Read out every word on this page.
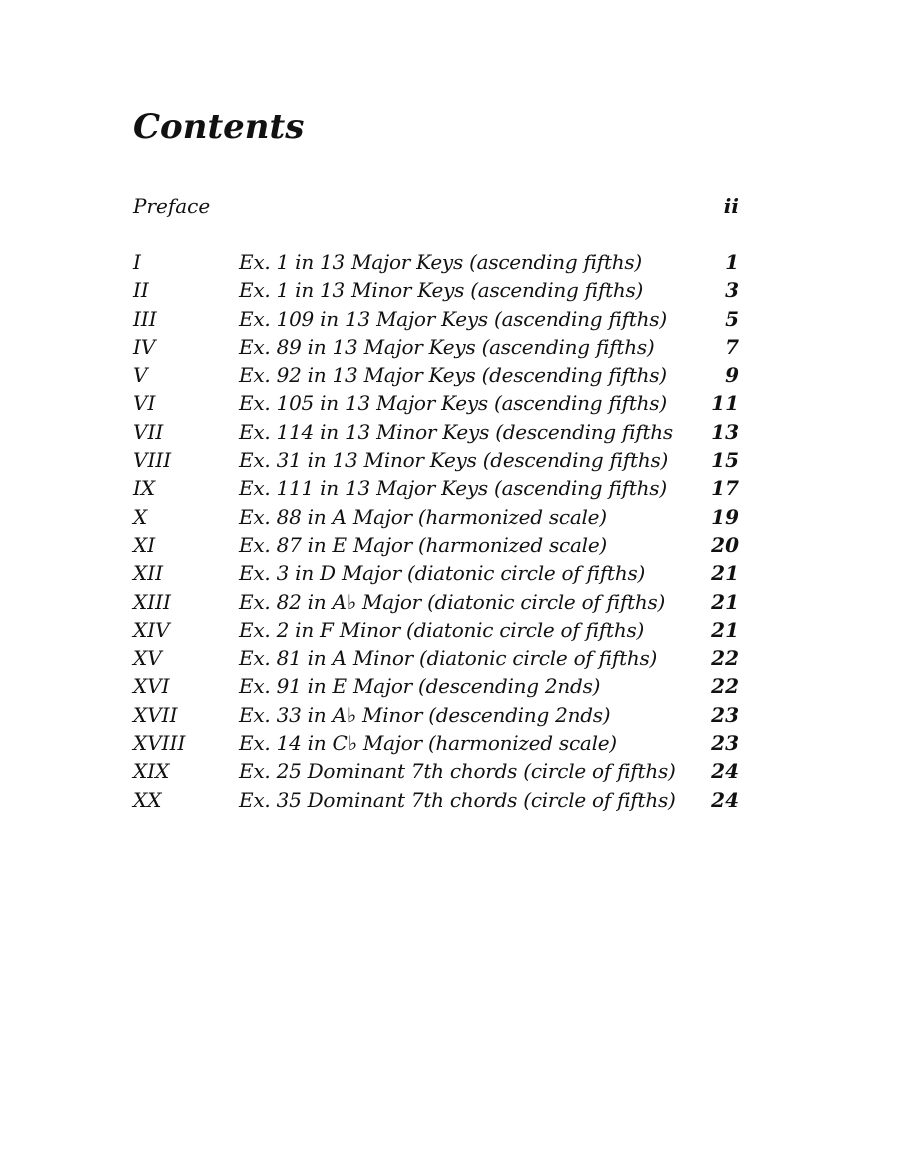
Contents
Preface	ii
I	Ex. 1 in 13 Major Keys (ascending fifths)	1
II	Ex. 1 in 13 Minor Keys (ascending fifths)	3
III	Ex. 109 in 13 Major Keys (ascending fifths)	5
IV	Ex. 89 in 13 Major Keys (ascending fifths)	7
V	Ex. 92 in 13 Major Keys (descending fifths)	9
VI	Ex. 105 in 13 Major Keys (ascending fifths) 11
VII	Ex. 114 in 13 Minor Keys (descending fifths 13
VIII	Ex. 31 in 13 Minor Keys (descending fifths) 15
IX	Ex. 111 in 13 Major Keys (ascending fifths) 17
X	Ex. 88 in A Major (harmonized scale)	19
XI	Ex. 87 in E Major (harmonized scale)	20
XII	Ex. 3 in D Major (diatonic circle of fifths)	21
XIII	Ex. 82 in A♭ Major (diatonic circle of fifths) 21
XIV	Ex. 2 in F Minor (diatonic circle of fifths)	21
XV	Ex. 81 in A Minor (diatonic circle of fifths)	22
XVI	Ex. 91 in E Major (descending 2nds)	22
XVII	Ex. 33 in A♭ Minor (descending 2nds)	23
XVIII	Ex. 14 in C♭ Major (harmonized scale)	23
XIX	Ex. 25 Dominant 7th chords (circle of fifths) 24
XX	Ex. 35 Dominant 7th chords (circle of fifths) 24
